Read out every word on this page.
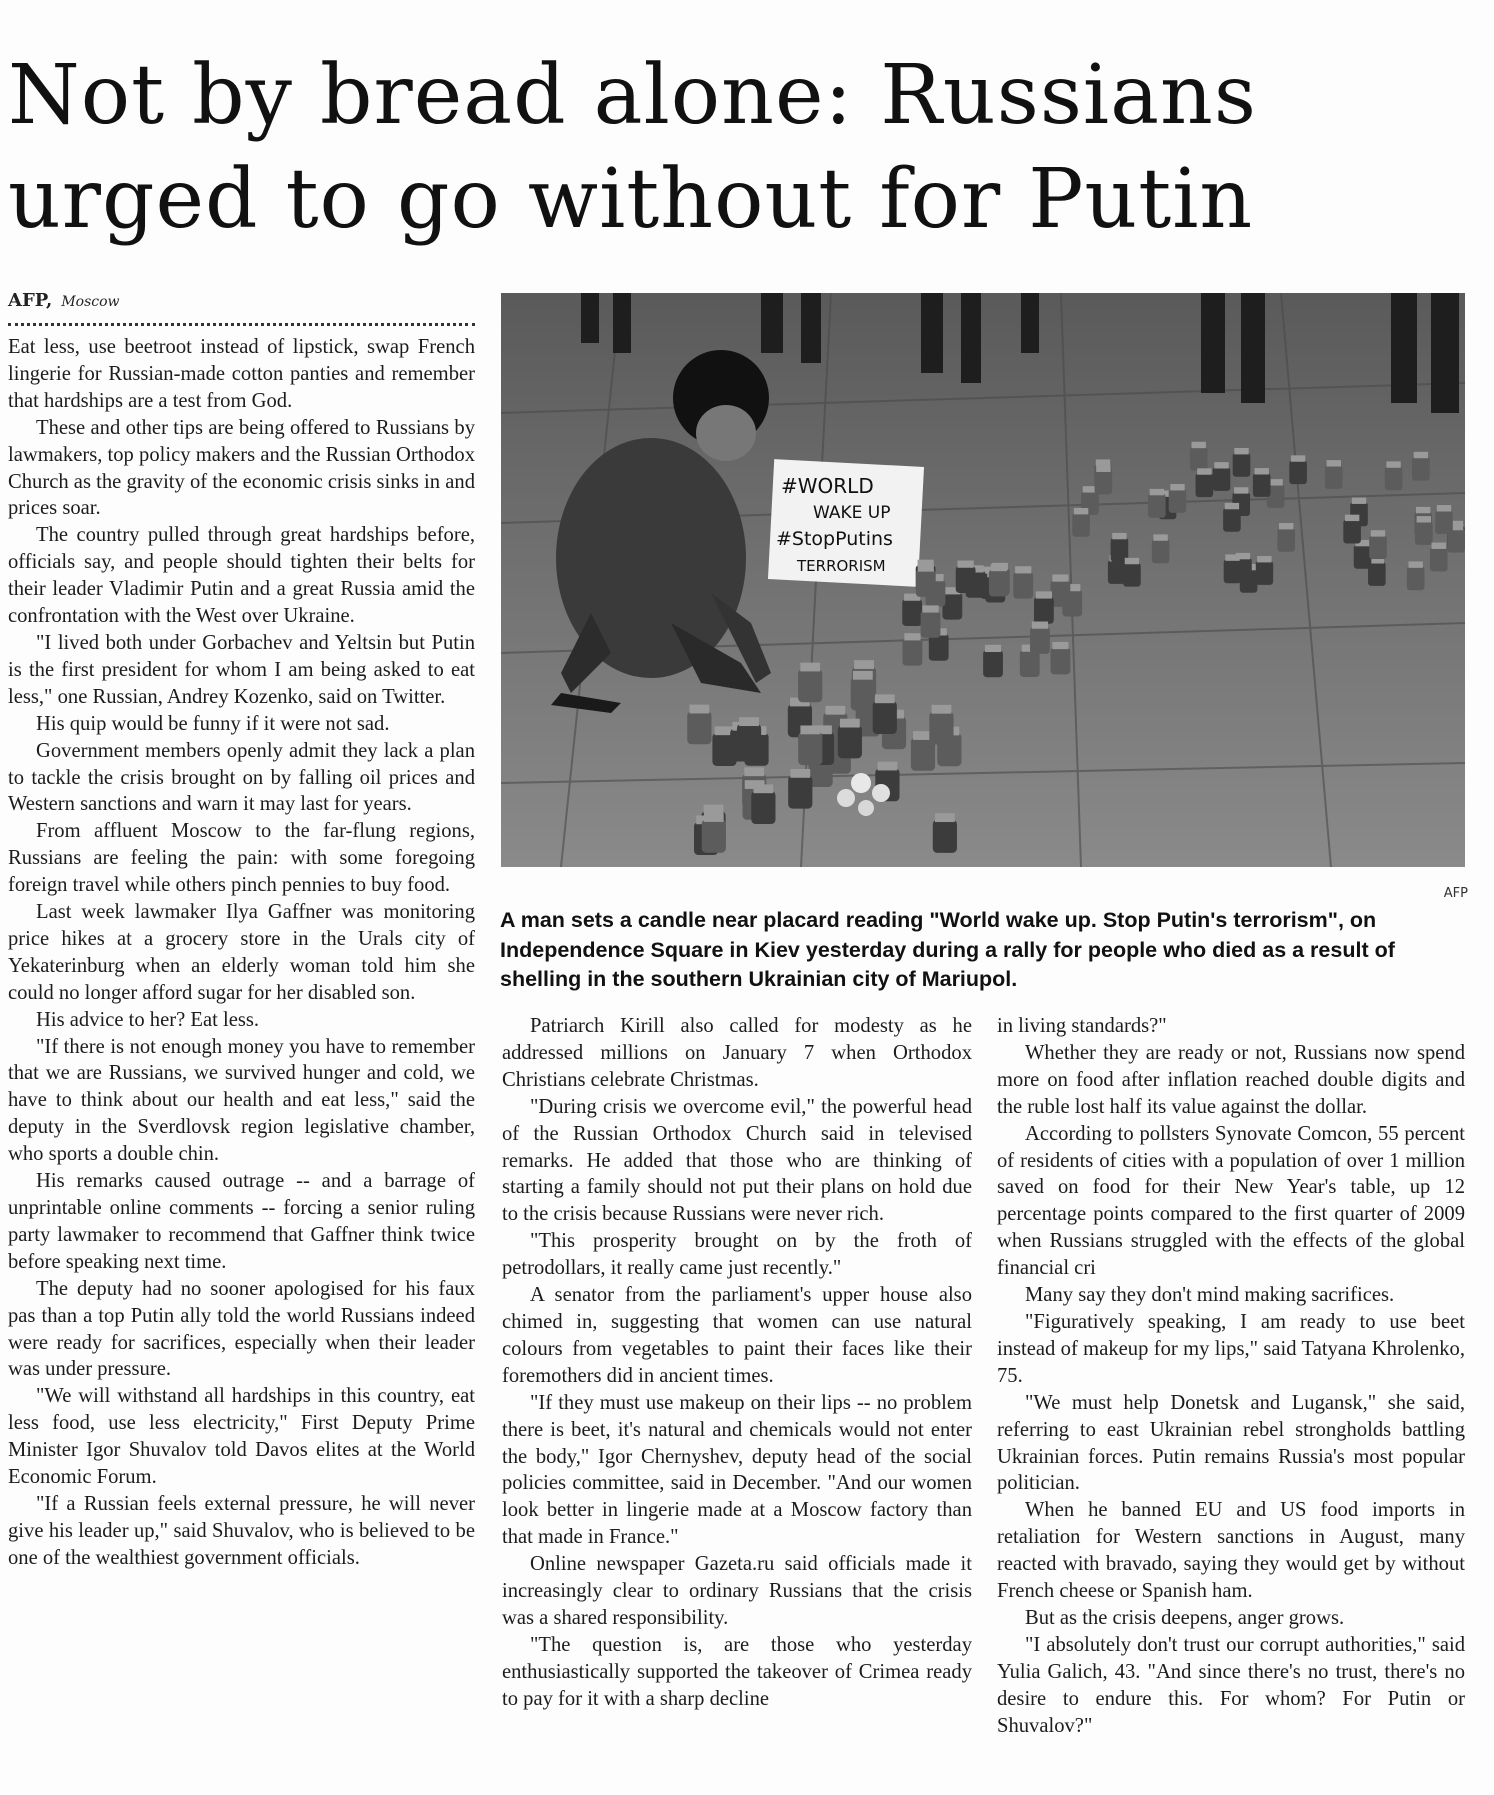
Not by bread alone: Russians
urged to go without for Putin
AFP, Moscow

Eat less, use beetroot instead of lipstick, swap French lingerie for Russian-made cotton panties and remember that hardships are a test from God.

These and other tips are being offered to Russians by lawmakers, top policy makers and the Russian Orthodox Church as the gravity of the economic crisis sinks in and prices soar.

The country pulled through great hardships before, officials say, and people should tighten their belts for their leader Vladimir Putin and a great Russia amid the confrontation with the West over Ukraine.

"I lived both under Gorbachev and Yeltsin but Putin is the first president for whom I am being asked to eat less," one Russian, Andrey Kozenko, said on Twitter.

His quip would be funny if it were not sad.

Government members openly admit they lack a plan to tackle the crisis brought on by falling oil prices and Western sanctions and warn it may last for years.

From affluent Moscow to the far-flung regions, Russians are feeling the pain: with some foregoing foreign travel while others pinch pennies to buy food.

Last week lawmaker Ilya Gaffner was monitoring price hikes at a grocery store in the Urals city of Yekaterinburg when an elderly woman told him she could no longer afford sugar for her disabled son.

His advice to her? Eat less.

"If there is not enough money you have to remember that we are Russians, we survived hunger and cold, we have to think about our health and eat less," said the deputy in the Sverdlovsk region legislative chamber, who sports a double chin.

His remarks caused outrage -- and a barrage of unprintable online comments -- forcing a senior ruling party lawmaker to recommend that Gaffner think twice before speaking next time.

The deputy had no sooner apologised for his faux pas than a top Putin ally told the world Russians indeed were ready for sacrifices, especially when their leader was under pressure.

"We will withstand all hardships in this country, eat less food, use less electricity," First Deputy Prime Minister Igor Shuvalov told Davos elites at the World Economic Forum.

"If a Russian feels external pressure, he will never give his leader up," said Shuvalov, who is believed to be one of the wealthiest government officials.

#WORLD
WAKE UP
#StopPutins
TERRORISM
AFP
A man sets a candle near placard reading "World wake up. Stop Putin's terrorism", on Independence Square in Kiev yesterday during a rally for people who died as a result of shelling in the southern Ukrainian city of Mariupol.

Patriarch Kirill also called for modesty as he addressed millions on January 7 when Orthodox Christians celebrate Christmas.

"During crisis we overcome evil," the powerful head of the Russian Orthodox Church said in televised remarks. He added that those who are thinking of starting a family should not put their plans on hold due to the crisis because Russians were never rich.

"This prosperity brought on by the froth of petrodollars, it really came just recently."

A senator from the parliament's upper house also chimed in, suggesting that women can use natural colours from vegetables to paint their faces like their foremothers did in ancient times.

"If they must use makeup on their lips -- no problem there is beet, it's natural and chemicals would not enter the body," Igor Chernyshev, deputy head of the social policies committee, said in December. "And our women look better in lingerie made at a Moscow factory than that made in France."

Online newspaper Gazeta.ru said officials made it increasingly clear to ordinary Russians that the crisis was a shared responsibility.

"The question is, are those who yesterday enthusiastically supported the takeover of Crimea ready to pay for it with a sharp decline

in living standards?"

Whether they are ready or not, Russians now spend more on food after inflation reached double digits and the ruble lost half its value against the dollar.

According to pollsters Synovate Comcon, 55 percent of residents of cities with a population of over 1 million saved on food for their New Year's table, up 12 percentage points compared to the first quarter of 2009 when Russians struggled with the effects of the global financial cri

Many say they don't mind making sacrifices.

"Figuratively speaking, I am ready to use beet instead of makeup for my lips," said Tatyana Khrolenko, 75.

"We must help Donetsk and Lugansk," she said, referring to east Ukrainian rebel strongholds battling Ukrainian forces. Putin remains Russia's most popular politician.

When he banned EU and US food imports in retaliation for Western sanctions in August, many reacted with bravado, saying they would get by without French cheese or Spanish ham.

But as the crisis deepens, anger grows.

"I absolutely don't trust our corrupt authorities," said Yulia Galich, 43. "And since there's no trust, there's no desire to endure this. For whom? For Putin or Shuvalov?"
